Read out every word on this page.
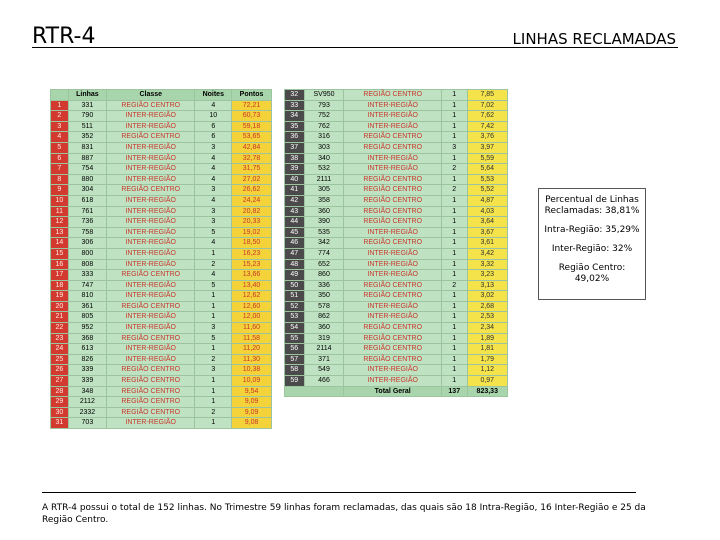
RTR-4	LINHAS RECLAMADAS
	Linhas	Classe	Noites	Pontos
1	331	REGIÃO CENTRO	4	72,21
2	790	INTER-REGIÃO	10	60,73
3	511	INTER-REGIÃO	6	59,18
4	352	REGIÃO CENTRO	6	53,65
5	831	INTER-REGIÃO	3	42,84
6	887	INTER-REGIÃO	4	32,78
7	754	INTER-REGIÃO	4	31,75
8	880	INTER-REGIÃO	4	27,02
9	304	REGIÃO CENTRO	3	26,62
10	618	INTER-REGIÃO	4	24,24
11	761	INTER-REGIÃO	3	20,82
12	736	INTER-REGIÃO	3	20,33
13	758	INTER-REGIÃO	5	19,02
14	306	INTER-REGIÃO	4	18,50
15	800	INTER-REGIÃO	1	16,23
16	808	INTER-REGIÃO	2	15,23
17	333	REGIÃO CENTRO	4	13,66
18	747	INTER-REGIÃO	5	13,40
19	810	INTER-REGIÃO	1	12,62
20	361	REGIÃO CENTRO	1	12,60
21	805	INTER-REGIÃO	1	12,00
22	952	INTER-REGIÃO	3	11,60
23	368	REGIÃO CENTRO	5	11,58
24	613	INTER-REGIÃO	1	11,20
25	826	INTER-REGIÃO	2	11,30
26	339	REGIÃO CENTRO	3	10,38
27	339	REGIÃO CENTRO	1	10,09
28	348	REGIÃO CENTRO	1	9,54
29	2112	REGIÃO CENTRO	1	9,09
30	2332	REGIÃO CENTRO	2	9,09
31	703	INTER-REGIÃO	1	9,08
32	SV950	REGIÃO CENTRO	1	7,85
33	793	INTER-REGIÃO	1	7,02
34	752	INTER-REGIÃO	1	7,62
35	762	INTER-REGIÃO	1	7,42
36	316	REGIÃO CENTRO	1	3,76
37	303	REGIÃO CENTRO	3	3,97
38	340	INTER-REGIÃO	1	5,59
39	532	INTER-REGIÃO	2	5,64
40	2111	REGIÃO CENTRO	1	5,53
41	305	REGIÃO CENTRO	2	5,52
42	358	REGIÃO CENTRO	1	4,87
43	360	REGIÃO CENTRO	1	4,03
44	390	REGIÃO CENTRO	1	3,64
45	535	INTER-REGIÃO	1	3,67
46	342	REGIÃO CENTRO	1	3,61
47	774	INTER-REGIÃO	1	3,42
48	652	INTER-REGIÃO	1	3,32
49	860	INTER-REGIÃO	1	3,23
50	336	REGIÃO CENTRO	2	3,13
51	350	REGIÃO CENTRO	1	3,02
52	578	INTER-REGIÃO	1	2,68
53	862	INTER-REGIÃO	1	2,53
54	360	REGIÃO CENTRO	1	2,34
55	319	REGIÃO CENTRO	1	1,89
56	2114	REGIÃO CENTRO	1	1,81
57	371	REGIÃO CENTRO	1	1,79
58	549	INTER-REGIÃO	1	1,12
59	466	INTER-REGIÃO	1	0,97
		Total Geral	137	823,33

Percentual de Linhas Reclamadas: 38,81%

Intra-Região: 35,29%

Inter-Região: 32%

Região Centro: 49,02%

A RTR-4 possui o total de 152 linhas. No Trimestre 59 linhas foram reclamadas, das quais são 18 Intra-Região, 16 Inter-Região e 25 da Região Centro.
